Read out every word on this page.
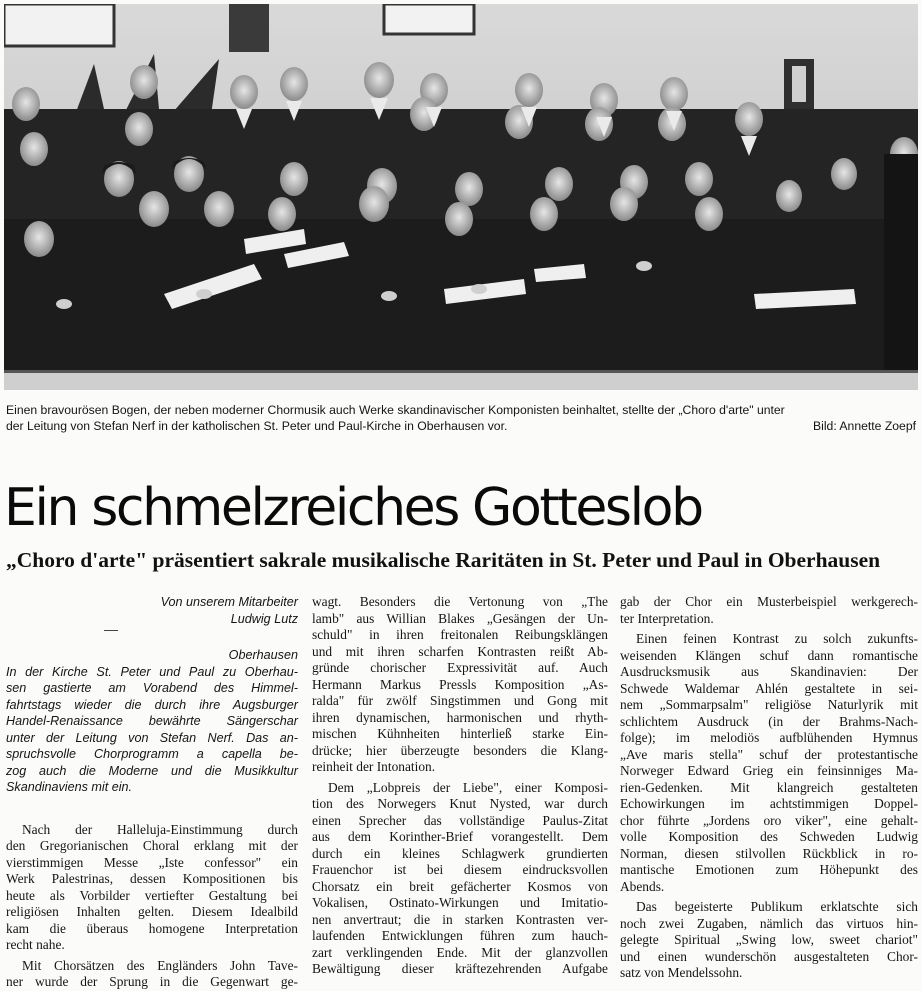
Einen bravourösen Bogen, der neben moderner Chormusik auch Werke skandinavischer Komponisten beinhaltet, stellte der „Choro d'arte" unter
der Leitung von Stefan Nerf in der katholischen St. Peter und Paul-Kirche in Oberhausen vor.	Bild: Annette Zoepf
Ein schmelzreiches Gotteslob
„Choro d'arte" präsentiert sakrale musikalische Raritäten in St. Peter und Paul in Oberhausen
Von unserem Mitarbeiter
Ludwig Lutz
Oberhausen

In der Kirche St. Peter und Paul zu Oberhau-

sen gastierte am Vorabend des Himmel-

fahrtstags wieder die durch ihre Augsburger

Handel-Renaissance bewährte Sängerschar

unter der Leitung von Stefan Nerf. Das an-

spruchsvolle Chorprogramm a capella be-

zog auch die Moderne und die Musikkultur

Skandinaviens mit ein.

Nach der Halleluja-Einstimmung durch

den Gregorianischen Choral erklang mit der

vierstimmigen Messe „Iste confessor" ein

Werk Palestrinas, dessen Kompositionen bis

heute als Vorbilder vertiefter Gestaltung bei

religiösen Inhalten gelten. Diesem Idealbild

kam die überaus homogene Interpretation

recht nahe.

Mit Chorsätzen des Engländers John Tave-

ner wurde der Sprung in die Gegenwart ge-

wagt. Besonders die Vertonung von „The

lamb" aus Willian Blakes „Gesängen der Un-

schuld" in ihren freitonalen Reibungsklängen

und mit ihren scharfen Kontrasten reißt Ab-

gründe chorischer Expressivität auf. Auch

Hermann Markus Pressls Komposition „As-

ralda" für zwölf Singstimmen und Gong mit

ihren dynamischen, harmonischen und rhyth-

mischen Kühnheiten hinterließ starke Ein-

drücke; hier überzeugte besonders die Klang-

reinheit der Intonation.

Dem „Lobpreis der Liebe", einer Komposi-

tion des Norwegers Knut Nysted, war durch

einen Sprecher das vollständige Paulus-Zitat

aus dem Korinther-Brief vorangestellt. Dem

durch ein kleines Schlagwerk grundierten

Frauenchor ist bei diesem eindrucksvollen

Chorsatz ein breit gefächerter Kosmos von

Vokalisen, Ostinato-Wirkungen und Imitatio-

nen anvertraut; die in starken Kontrasten ver-

laufenden Entwicklungen führen zum hauch-

zart verklingenden Ende. Mit der glanzvollen

Bewältigung dieser kräftezehrenden Aufgabe

gab der Chor ein Musterbeispiel werkgerech-

ter Interpretation.

Einen feinen Kontrast zu solch zukunfts-

weisenden Klängen schuf dann romantische

Ausdrucksmusik aus Skandinavien: Der

Schwede Waldemar Ahlén gestaltete in sei-

nem „Sommarpsalm" religiöse Naturlyrik mit

schlichtem Ausdruck (in der Brahms-Nach-

folge); im melodiös aufblühenden Hymnus

„Ave maris stella" schuf der protestantische

Norweger Edward Grieg ein feinsinniges Ma-

rien-Gedenken. Mit klangreich gestalteten

Echowirkungen im achtstimmigen Doppel-

chor führte „Jordens oro viker", eine gehalt-

volle Komposition des Schweden Ludwig

Norman, diesen stilvollen Rückblick in ro-

mantische Emotionen zum Höhepunkt des

Abends.

Das begeisterte Publikum erklatschte sich

noch zwei Zugaben, nämlich das virtuos hin-

gelegte Spiritual „Swing low, sweet chariot"

und einen wunderschön ausgestalteten Chor-

satz von Mendelssohn.
